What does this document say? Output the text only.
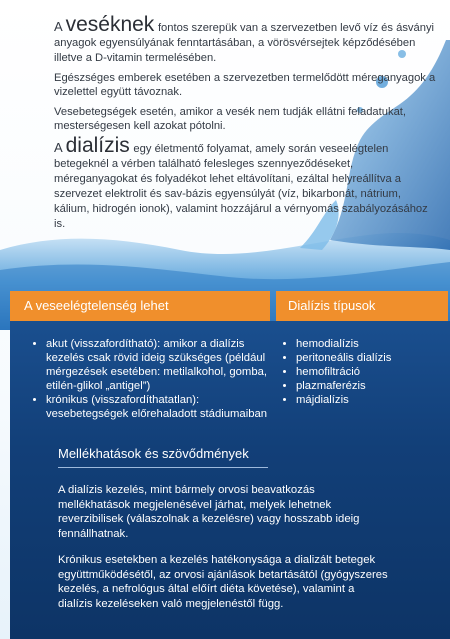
A veséknek fontos szerepük van a szervezetben levő víz és ásványi anyagok egyensúlyának fenntartásában, a vörösvérsejtek képződésében illetve a D-vitamin termelésében.

Egészséges emberek esetében a szervezetben termelődött méreganyagok a vizelettel együtt távoznak.

Vesebetegségek esetén, amikor a vesék nem tudják ellátni feladatukat, mesterségesen kell azokat pótolni.

A dialízis egy életmentő folyamat, amely során veseelégtelen betegeknél a vérben található felesleges szennyeződéseket, méreganyagokat és folyadékot lehet eltávolítani, ezáltal helyreállítva a szervezet elektrolit és sav-bázis egyensúlyát (víz, bikarbonát, nátrium, kálium, hidrogén ionok), valamint hozzájárul a vérnyomás szabályozásához is.

A veseelégtelenség lehet	Dialízis típusok
• akut (visszafordítható): amikor a dialízis kezelés csak rövid ideig szükséges (például mérgezések esetében: metilalkohol, gomba, etilén-glikol „antigel”)
• krónikus (visszafordíthatatlan): vesebetegségek előrehaladott stádiumaiban
• hemodialízis
• peritoneális dialízis
• hemofiltráció
• plazmaferézis
• májdialízis
Mellékhatások és szövődmények

A dialízis kezelés, mint bármely orvosi beavatkozás mellékhatások megjelenésével járhat, melyek lehetnek reverzibilisek (válaszolnak a kezelésre) vagy hosszabb ideig fennállhatnak.

Krónikus esetekben a kezelés hatékonysága a dializált betegek együttműködésétől, az orvosi ajánlások betartásától (gyógyszeres kezelés, a nefrológus által előírt diéta követése), valamint a dialízis kezeléseken való megjelenéstől függ.
